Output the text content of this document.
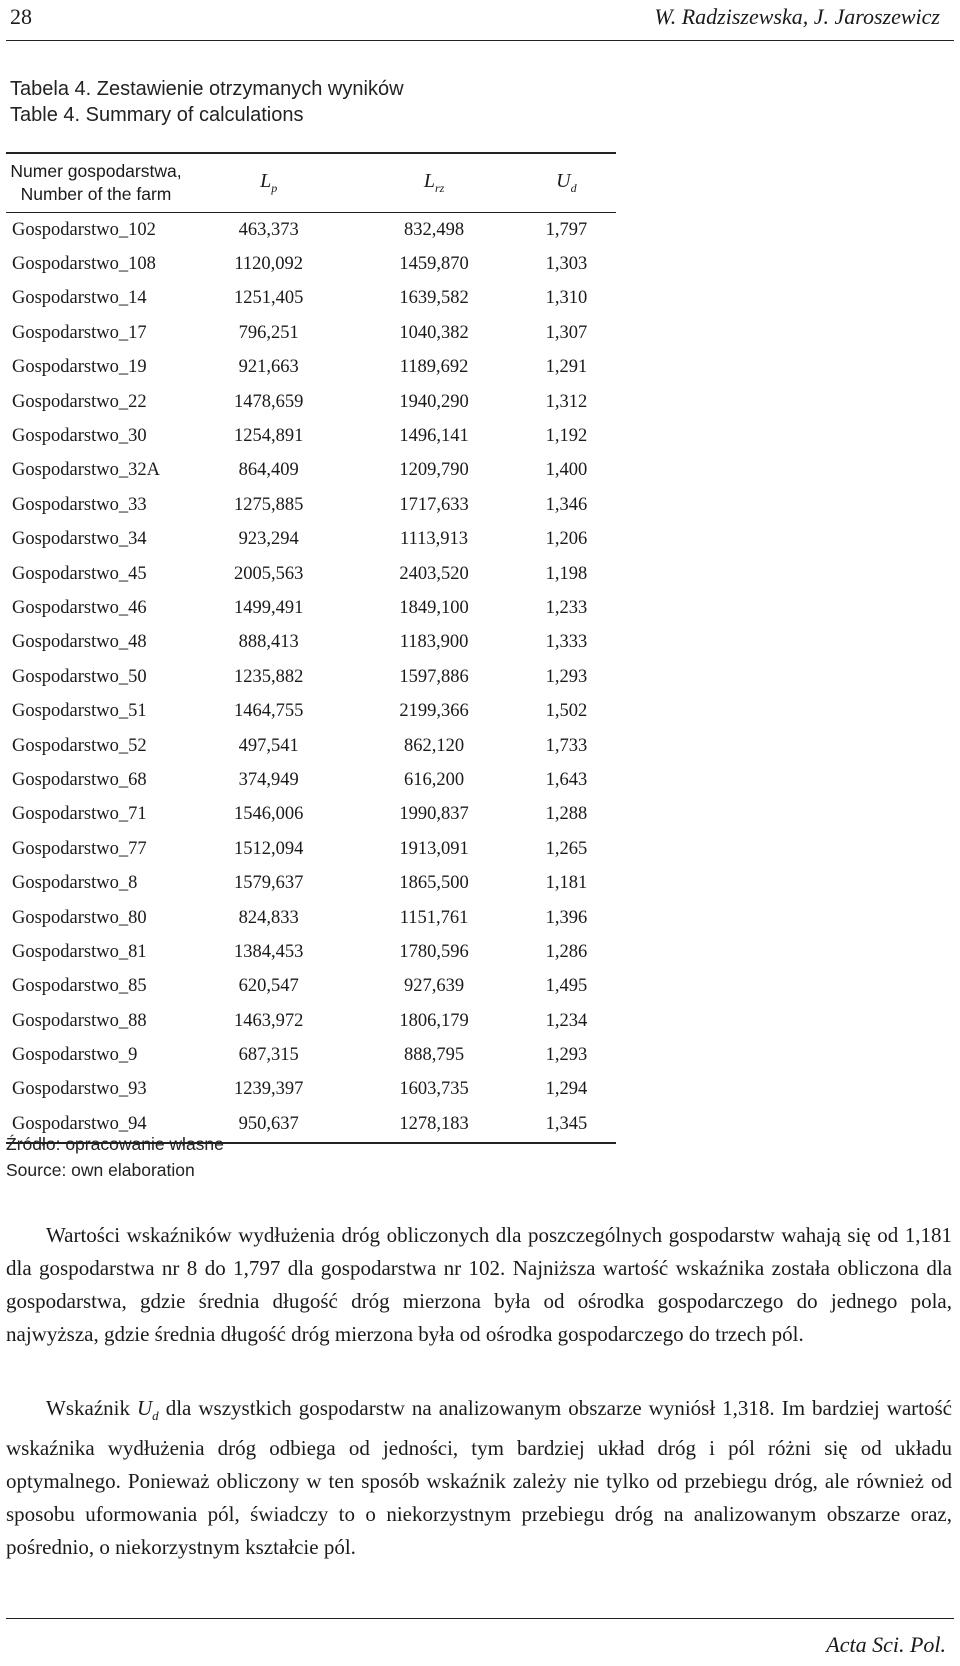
28	W. Radziszewska, J. Jaroszewicz
Tabela 4. Zestawienie otrzymanych wyników
Table 4. Summary of calculations
Numer gospodarstwa,
Number of the farm	$L_p$	$L_{rz}$	$U_d$
Gospodarstwo_102	463,373	832,498	1,797
Gospodarstwo_108	1120,092	1459,870	1,303
Gospodarstwo_14	1251,405	1639,582	1,310
Gospodarstwo_17	796,251	1040,382	1,307
Gospodarstwo_19	921,663	1189,692	1,291
Gospodarstwo_22	1478,659	1940,290	1,312
Gospodarstwo_30	1254,891	1496,141	1,192
Gospodarstwo_32A	864,409	1209,790	1,400
Gospodarstwo_33	1275,885	1717,633	1,346
Gospodarstwo_34	923,294	1113,913	1,206
Gospodarstwo_45	2005,563	2403,520	1,198
Gospodarstwo_46	1499,491	1849,100	1,233
Gospodarstwo_48	888,413	1183,900	1,333
Gospodarstwo_50	1235,882	1597,886	1,293
Gospodarstwo_51	1464,755	2199,366	1,502
Gospodarstwo_52	497,541	862,120	1,733
Gospodarstwo_68	374,949	616,200	1,643
Gospodarstwo_71	1546,006	1990,837	1,288
Gospodarstwo_77	1512,094	1913,091	1,265
Gospodarstwo_8	1579,637	1865,500	1,181
Gospodarstwo_80	824,833	1151,761	1,396
Gospodarstwo_81	1384,453	1780,596	1,286
Gospodarstwo_85	620,547	927,639	1,495
Gospodarstwo_88	1463,972	1806,179	1,234
Gospodarstwo_9	687,315	888,795	1,293
Gospodarstwo_93	1239,397	1603,735	1,294
Gospodarstwo_94	950,637	1278,183	1,345
Źródło: opracowanie własne
Source: own elaboration

Wartości wskaźników wydłużenia dróg obliczonych dla poszczególnych gospodarstw wahają się od 1,181 dla gospodarstwa nr 8 do 1,797 dla gospodarstwa nr 102. Najniższa wartość wskaźnika została obliczona dla gospodarstwa, gdzie średnia długość dróg mierzona była od ośrodka gospodarczego do jednego pola, najwyższa, gdzie średnia długość dróg mierzona była od ośrodka gospodarczego do trzech pól.

Wskaźnik $U_d$ dla wszystkich gospodarstw na analizowanym obszarze wyniósł 1,318. Im bardziej wartość wskaźnika wydłużenia dróg odbiega od jedności, tym bardziej układ dróg i pól różni się od układu optymalnego. Ponieważ obliczony w ten sposób wskaźnik zależy nie tylko od przebiegu dróg, ale również od sposobu uformowania pól, świadczy to o niekorzystnym przebiegu dróg na analizowanym obszarze oraz, pośrednio, o niekorzystnym kształcie pól.

Acta Sci. Pol.
